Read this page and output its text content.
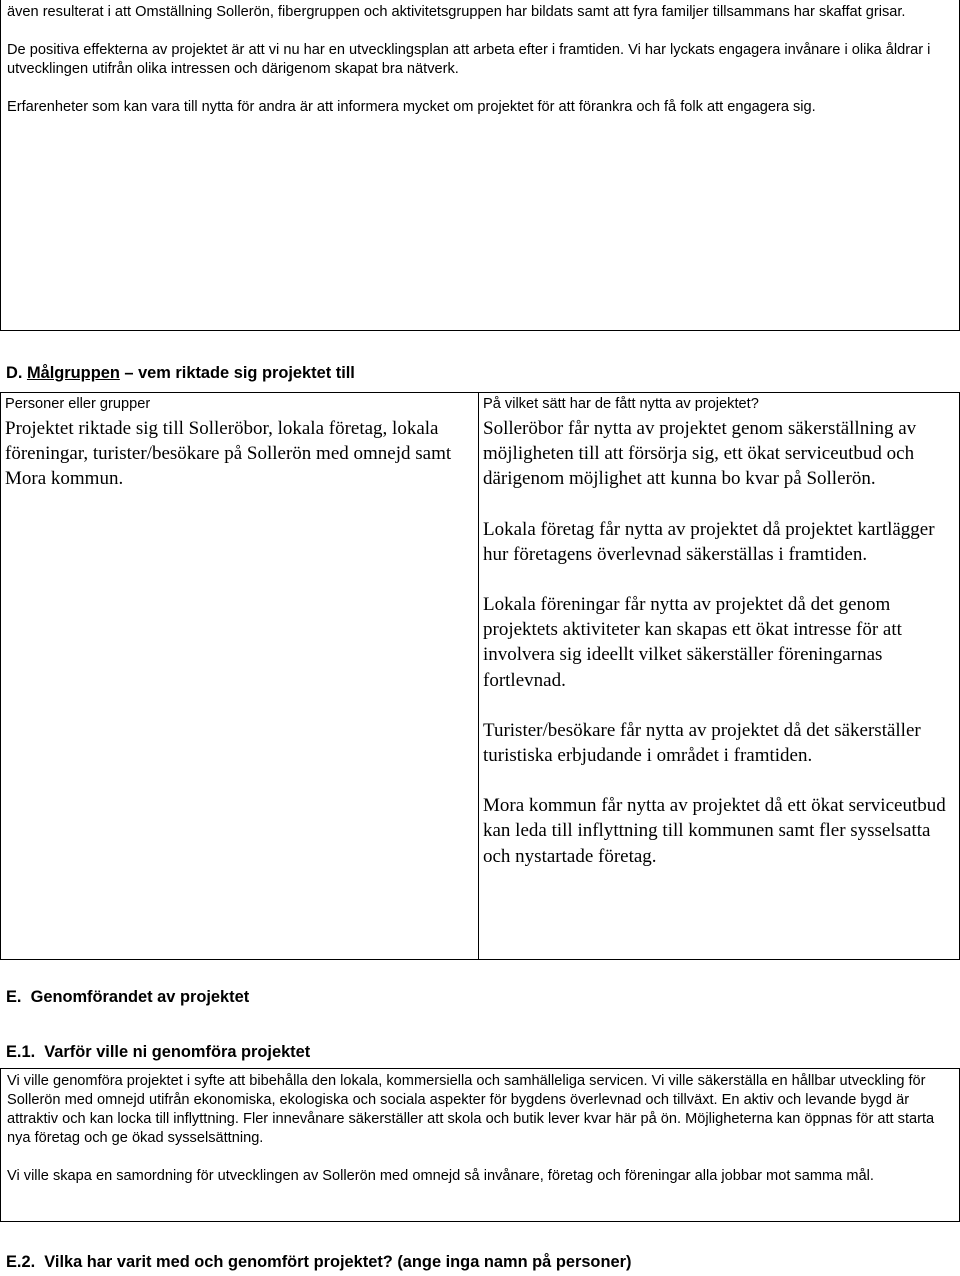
även resulterat i att Omställning Sollerön, fibergruppen och aktivitetsgruppen har bildats samt att fyra familjer tillsammans har skaffat grisar.

De positiva effekterna av projektet är att vi nu har en utvecklingsplan att arbeta efter i framtiden. Vi har lyckats engagera invånare i olika åldrar i utvecklingen utifrån olika intressen och därigenom skapat bra nätverk.

Erfarenheter som kan vara till nytta för andra är att informera mycket om projektet för att förankra och få folk att engagera sig.

D. Målgruppen – vem riktade sig projektet till
Personer eller grupper
Projektet riktade sig till Solleröbor, lokala företag, lokala föreningar, turister/besökare på Sollerön med omnejd samt Mora kommun.
På vilket sätt har de fått nytta av projektet?

Solleröbor får nytta av projektet genom säkerställning av möjligheten till att försörja sig, ett ökat serviceutbud och därigenom möjlighet att kunna bo kvar på Sollerön.

Lokala företag får nytta av projektet då projektet kartlägger hur företagens överlevnad säkerställas i framtiden.

Lokala föreningar får nytta av projektet då det genom projektets aktiviteter kan skapas ett ökat intresse för att involvera sig ideellt vilket säkerställer föreningarnas fortlevnad.

Turister/besökare får nytta av projektet då det säkerställer turistiska erbjudande i området i framtiden.

Mora kommun får nytta av projektet då ett ökat serviceutbud kan leda till inflyttning till kommunen samt fler sysselsatta och nystartade företag.

E.  Genomförandet av projektet
E.1.  Varför ville ni genomföra projektet

Vi ville genomföra projektet i syfte att bibehålla den lokala, kommersiella och samhälleliga servicen. Vi ville säkerställa en hållbar utveckling för Sollerön med omnejd utifrån ekonomiska, ekologiska och sociala aspekter för bygdens överlevnad och tillväxt. En aktiv och levande bygd är attraktiv och kan locka till inflyttning. Fler innevånare säkerställer att skola och butik lever kvar här på ön. Möjligheterna kan öppnas för att starta nya företag och ge ökad sysselsättning.

Vi ville skapa en samordning för utvecklingen av Sollerön med omnejd så invånare, företag och föreningar alla jobbar mot samma mål.

E.2.  Vilka har varit med och genomfört projektet? (ange inga namn på personer)
